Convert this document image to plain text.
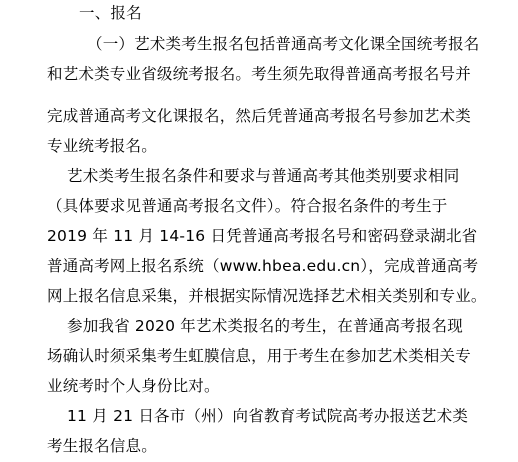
一、报名
（一）艺术类考生报名包括普通高考文化课全国统考报名
和艺术类专业省级统考报名。考生须先取得普通高考报名号并
完成普通高考文化课报名，然后凭普通高考报名号参加艺术类
专业统考报名。
艺术类考生报名条件和要求与普通高考其他类别要求相同
（具体要求见普通高考报名文件）。符合报名条件的考生于
2019 年 11 月 14-16 日凭普通高考报名号和密码登录湖北省
普通高考网上报名系统（www.hbea.edu.cn），完成普通高考
网上报名信息采集，并根据实际情况选择艺术相关类别和专业。
参加我省 2020 年艺术类报名的考生，在普通高考报名现
场确认时须采集考生虹膜信息，用于考生在参加艺术类相关专
业统考时个人身份比对。
11 月 21 日各市（州）向省教育考试院高考办报送艺术类
考生报名信息。
